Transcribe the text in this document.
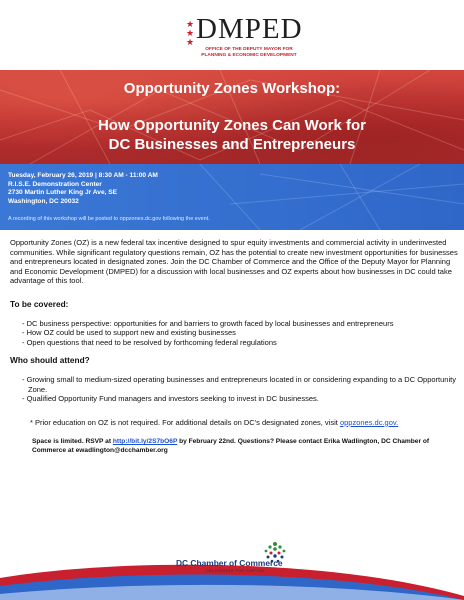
★
★
★ DMPED
OFFICE OF THE DEPUTY MAYOR FOR PLANNING & ECONOMIC DEVELOPMENT
Opportunity Zones Workshop:
How Opportunity Zones Can Work for
DC Businesses and Entrepreneurs
Tuesday, February 26, 2019 | 8:30 AM - 11:00 AM
R.I.S.E. Demonstration Center
2730 Martin Luther King Jr Ave, SE
Washington, DC 20032
A recording of this workshop will be posted to oppzones.dc.gov following the event.

Opportunity Zones (OZ) is a new federal tax incentive designed to spur equity investments and commercial activity in underinvested communities. While significant regulatory questions remain, OZ has the potential to create new investment opportunities for businesses and entrepreneurs located in designated zones. Join the DC Chamber of Commerce and the Office of the Deputy Mayor for Planning and Economic Development (DMPED) for a discussion with local businesses and OZ experts about how businesses in DC could take advantage of this tool.

To be covered:

- DC business perspective: opportunities for and barriers to growth faced by local businesses and entrepreneurs
- How OZ could be used to support new and existing businesses
- Open questions that need to be resolved by forthcoming federal regulations

Who should attend?

- Growing small to medium-sized operating businesses and entrepreneurs located in or considering expanding to a DC Opportunity Zone.
- Qualified Opportunity Fund managers and investors seeking to invest in DC businesses.

* Prior education on OZ is not required. For additional details on DC's designated zones, visit oppzones.dc.gov.

Space is limited. RSVP at http://bit.ly/2S7bO6P by February 22nd. Questions? Please contact Erika Wadlington, DC Chamber of Commerce at ewadlington@dcchamber.org

DC Chamber of Commerce
DELIVERING THE CAPITAL
